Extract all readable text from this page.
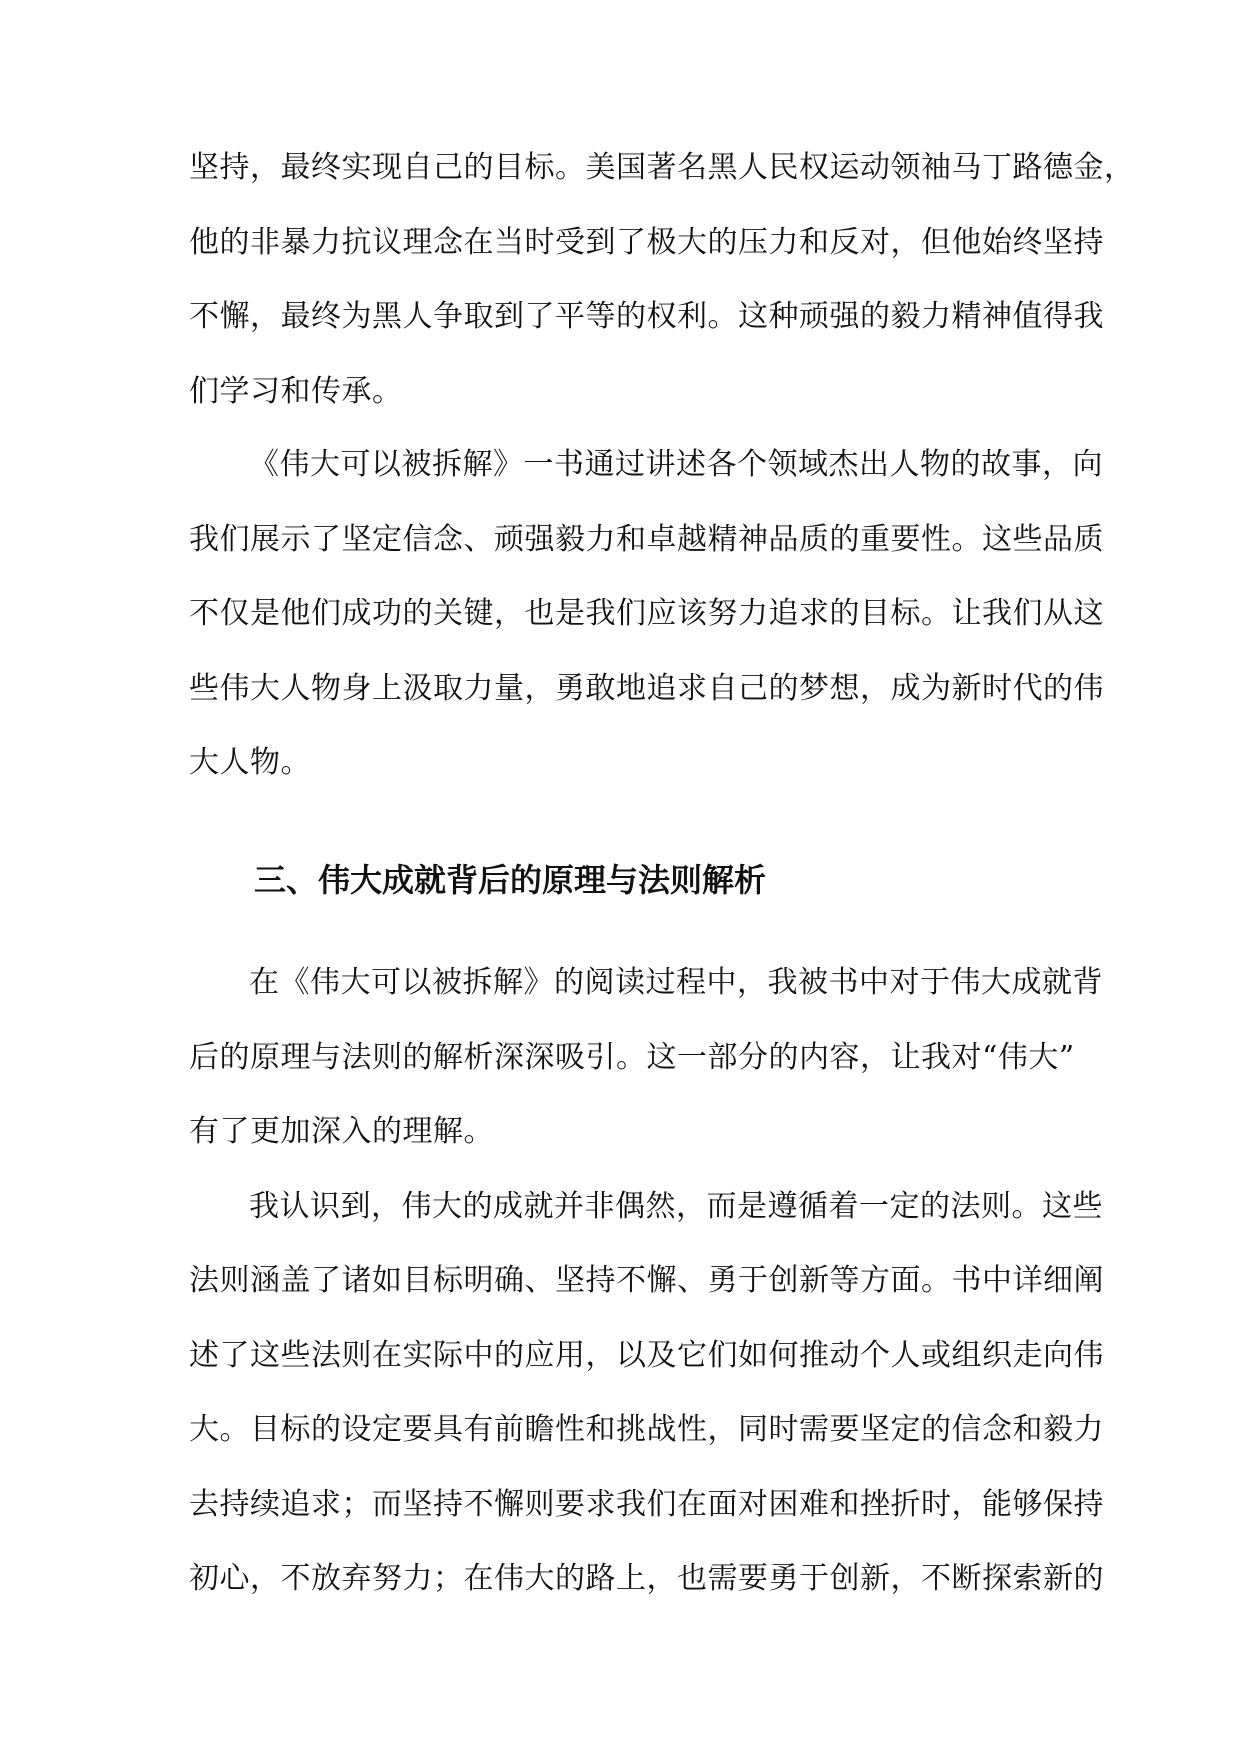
坚持，最终实现自己的目标。美国著名黑人民权运动领袖马丁路德金，
他的非暴力抗议理念在当时受到了极大的压力和反对，但他始终坚持
不懈，最终为黑人争取到了平等的权利。这种顽强的毅力精神值得我
们学习和传承。
《伟大可以被拆解》一书通过讲述各个领域杰出人物的故事，向
我们展示了坚定信念、顽强毅力和卓越精神品质的重要性。这些品质
不仅是他们成功的关键，也是我们应该努力追求的目标。让我们从这
些伟大人物身上汲取力量，勇敢地追求自己的梦想，成为新时代的伟
大人物。
三、伟大成就背后的原理与法则解析
在《伟大可以被拆解》的阅读过程中，我被书中对于伟大成就背
后的原理与法则的解析深深吸引。这一部分的内容，让我对“伟大”
有了更加深入的理解。
我认识到，伟大的成就并非偶然，而是遵循着一定的法则。这些
法则涵盖了诸如目标明确、坚持不懈、勇于创新等方面。书中详细阐
述了这些法则在实际中的应用，以及它们如何推动个人或组织走向伟
大。目标的设定要具有前瞻性和挑战性，同时需要坚定的信念和毅力
去持续追求；而坚持不懈则要求我们在面对困难和挫折时，能够保持
初心，不放弃努力；在伟大的路上，也需要勇于创新，不断探索新的
